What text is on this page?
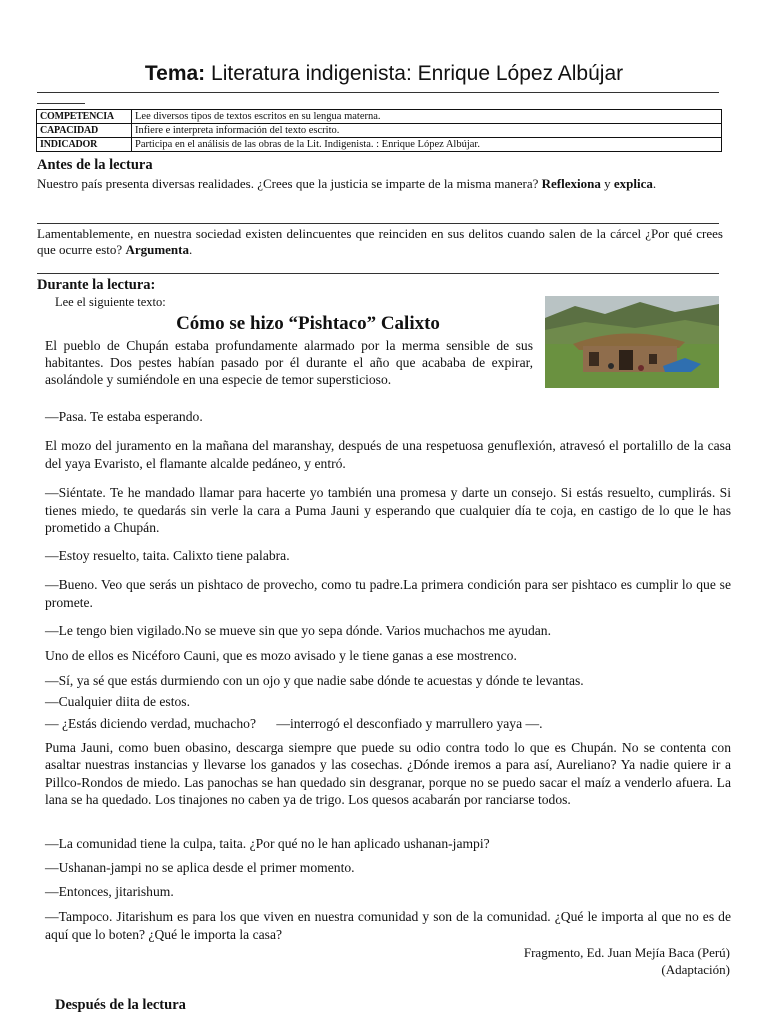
Tema: Literatura indigenista: Enrique López Albújar
COMPETENCIA	Lee diversos tipos de textos escritos en su lengua materna.
CAPACIDAD	Infiere e interpreta información del texto escrito.
INDICADOR	Participa en el análisis de las obras de la Lit. Indigenista. : Enrique López Albújar.
Antes de la lectura
Nuestro país presenta diversas realidades. ¿Crees que la justicia se imparte de la misma manera? Reflexiona y explica.
Lamentablemente, en nuestra sociedad existen delincuentes que reinciden en sus delitos cuando salen de la cárcel ¿Por qué crees que ocurre esto? Argumenta.
Durante la lectura:
Lee el siguiente texto:
Cómo se hizo “Pishtaco” Calixto
El pueblo de Chupán estaba profundamente alarmado por la merma sensible de sus habitantes. Dos pestes habían pasado por él durante el año que acababa de expirar, asolándole y sumiéndole en una especie de temor supersticioso.
—Pasa. Te estaba esperando.
El mozo del juramento en la mañana del maranshay, después de una respetuosa genuflexión, atravesó el portalillo de la casa del yaya Evaristo, el flamante alcalde pedáneo, y entró.
—Siéntate. Te he mandado llamar para hacerte yo también una promesa y darte un consejo. Si estás resuelto, cumplirás. Si tienes miedo, te quedarás sin verle la cara a Puma Jauni y esperando que cualquier día te coja, en castigo de lo que le has prometido a Chupán.
—Estoy resuelto, taita. Calixto tiene palabra.
—Bueno. Veo que serás un pishtaco de provecho, como tu padre.La primera condición para ser pishtaco es cumplir lo que se promete.
—Le tengo bien vigilado.No se mueve sin que yo sepa dónde. Varios muchachos me ayudan.
Uno de ellos es Nicéforo Cauni, que es mozo avisado y le tiene ganas a ese mostrenco.
—Sí, ya sé que estás durmiendo con un ojo y que nadie sabe dónde te acuestas y dónde te levantas.
—Cualquier diita de estos.
— ¿Estás diciendo verdad, muchacho?      —interrogó el desconfiado y marrullero yaya —.
Puma Jauni, como buen obasino, descarga siempre que puede su odio contra todo lo que es Chupán. No se contenta con asaltar nuestras instancias y llevarse los ganados y las cosechas. ¿Dónde iremos a para así, Aureliano? Ya nadie quiere ir a Pillco-Rondos de miedo. Las panochas se han quedado sin desgranar, porque no se puedo sacar el maíz a venderlo afuera. La lana se ha quedado. Los tinajones no caben ya de trigo. Los quesos acabarán por ranciarse todos.
—La comunidad tiene la culpa, taita. ¿Por qué no le han aplicado ushanan-jampi?
—Ushanan-jampi no se aplica desde el primer momento.
—Entonces, jitarishum.
—Tampoco. Jitarishum es para los que viven en nuestra comunidad y son de la comunidad. ¿Qué le importa al que no es de aquí que lo boten? ¿Qué le importa la casa?
Fragmento, Ed. Juan Mejía Baca (Perú)
(Adaptación)
Después de la lectura
